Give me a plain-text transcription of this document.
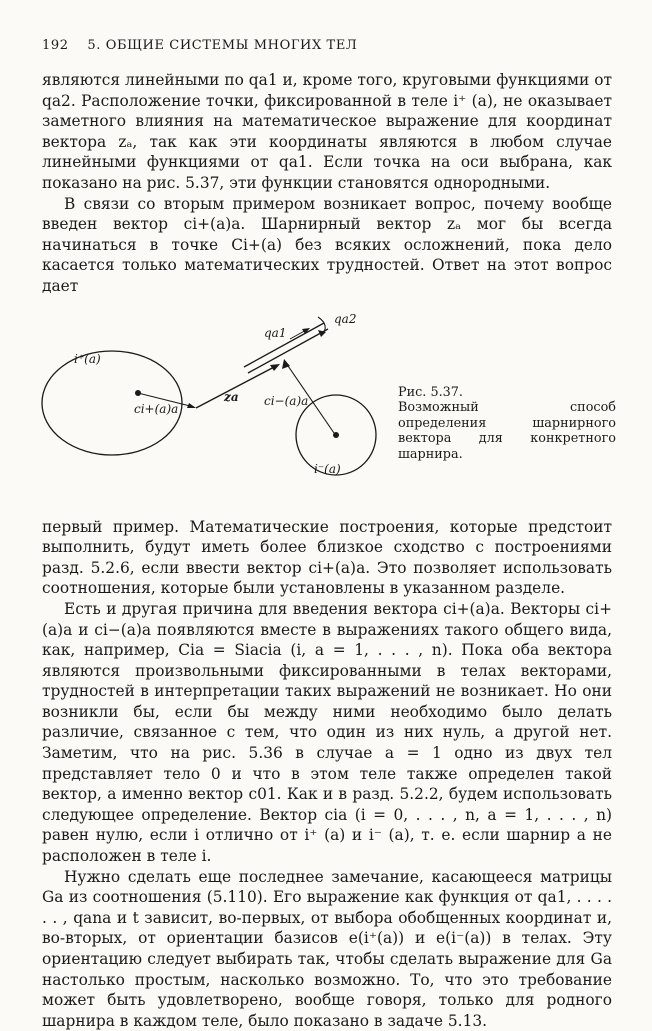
192 5. ОБЩИЕ СИСТЕМЫ МНОГИХ ТЕЛ

являются линейными по qa1 и, кроме того, круговыми функциями от qa2. Расположение точки, фиксированной в теле i⁺ (a), не оказывает заметного влияния на математическое выражение для координат вектора zₐ, так как эти координаты являются в любом случае линейными функциями от qa1. Если точка на оси выбрана, как показано на рис. 5.37, эти функции становятся однородными.

В связи со вторым примером возникает вопрос, почему вообще введен вектор ci+(a)a. Шарнирный вектор zₐ мог бы всегда начинаться в точке Ci+(a) без всяких осложнений, пока дело касается только математических трудностей. Ответ на этот вопрос дает

i⁺(a)
i⁻(a)
ci+(a)a
za ci−(a)a
qa1
qa2
Рис. 5.37.
Возможный способ определения шарнирного вектора для конкретного шарнира.

первый пример. Математические построения, которые предстоит выполнить, будут иметь более близкое сходство с построениями разд. 5.2.6, если ввести вектор ci+(a)a. Это позволяет использовать соотношения, которые были установлены в указанном разделе.

Есть и другая причина для введения вектора ci+(a)a. Векторы ci+(a)a и ci−(a)a появляются вместе в выражениях такого общего вида, как, например, Cia = Siacia (i, a = 1, . . . , n). Пока оба вектора являются произвольными фиксированными в телах векторами, трудностей в интерпретации таких выражений не возникает. Но они возникли бы, если бы между ними необходимо было делать различие, связанное с тем, что один из них нуль, а другой нет. Заметим, что на рис. 5.36 в случае a = 1 одно из двух тел представляет тело 0 и что в этом теле также определен такой вектор, а именно вектор c01. Как и в разд. 5.2.2, будем использовать следующее определение. Вектор cia (i = 0, . . . , n, a = 1, . . . , n) равен нулю, если i отлично от i⁺ (a) и i⁻ (a), т. е. если шарнир a не расположен в теле i.

Нужно сделать еще последнее замечание, касающееся матрицы Ga из соотношения (5.110). Его выражение как функция от qa1, . . . . . . , qana и t зависит, во-первых, от выбора обобщенных координат и, во-вторых, от ориентации базисов e(i⁺(a)) и e(i⁻(a)) в телах. Эту ориентацию следует выбирать так, чтобы сделать выражение для Ga настолько простым, насколько возможно. То, что это требование может быть удовлетворено, вообще говоря, только для родного шарнира в каждом теле, было показано в задаче 5.13.
